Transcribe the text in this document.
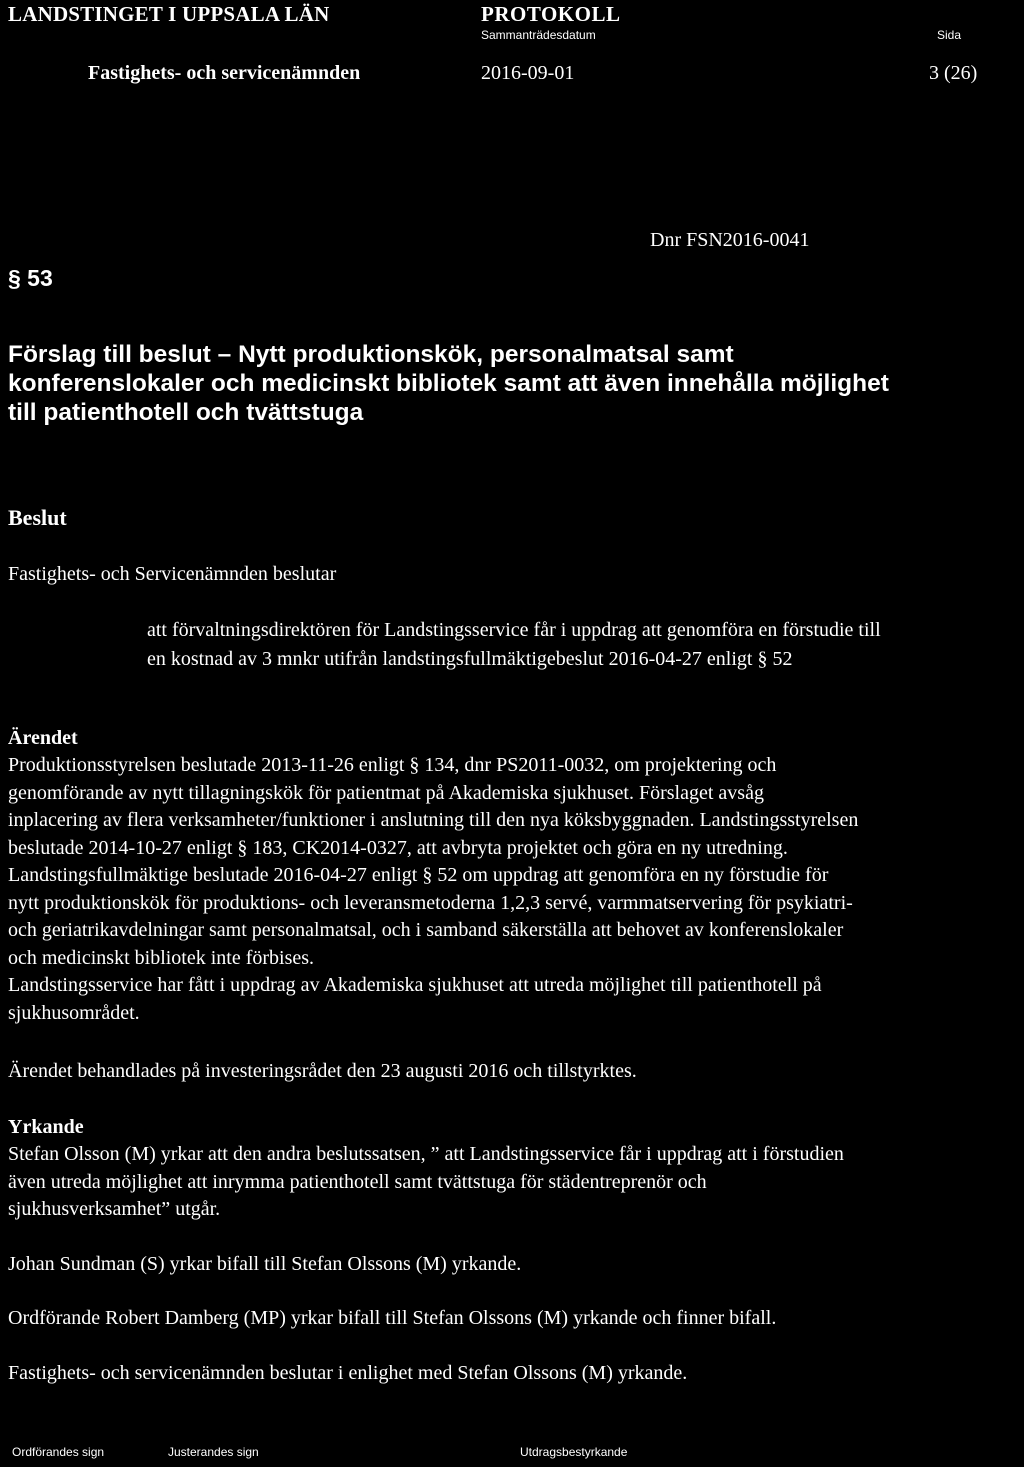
LANDSTINGET I UPPSALA LÄN	PROTOKOLL
Sammanträdesdatum	Sida
Fastighets- och servicenämnden	2016-09-01	3 (26)
Dnr FSN2016-0041
§ 53
Förslag till beslut – Nytt produktionskök, personalmatsal samt
konferenslokaler och medicinskt bibliotek samt att även innehålla möjlighet
till patienthotell och tvättstuga
Beslut
Fastighets- och Servicenämnden beslutar
att förvaltningsdirektören för Landstingsservice får i uppdrag att genomföra en förstudie till
en kostnad av 3 mnkr utifrån landstingsfullmäktigebeslut 2016-04-27 enligt § 52
Ärendet
Produktionsstyrelsen beslutade 2013-11-26 enligt § 134, dnr PS2011-0032, om projektering och
genomförande av nytt tillagningskök för patientmat på Akademiska sjukhuset. Förslaget avsåg
inplacering av flera verksamheter/funktioner i anslutning till den nya köksbyggnaden. Landstingsstyrelsen
beslutade 2014-10-27 enligt § 183, CK2014-0327, att avbryta projektet och göra en ny utredning.
Landstingsfullmäktige beslutade 2016-04-27 enligt § 52 om uppdrag att genomföra en ny förstudie för
nytt produktionskök för produktions- och leveransmetoderna 1,2,3 servé, varmmatservering för psykiatri-
och geriatrikavdelningar samt personalmatsal, och i samband säkerställa att behovet av konferenslokaler
och medicinskt bibliotek inte förbises.
Landstingsservice har fått i uppdrag av Akademiska sjukhuset att utreda möjlighet till patienthotell på
sjukhusområdet.
Ärendet behandlades på investeringsrådet den 23 augusti 2016 och tillstyrktes.
Yrkande
Stefan Olsson (M) yrkar att den andra beslutssatsen, ” att Landstingsservice får i uppdrag att i förstudien
även utreda möjlighet att inrymma patienthotell samt tvättstuga för städentreprenör och
sjukhusverksamhet” utgår.
Johan Sundman (S) yrkar bifall till Stefan Olssons (M) yrkande.
Ordförande Robert Damberg (MP) yrkar bifall till Stefan Olssons (M) yrkande och finner bifall.
Fastighets- och servicenämnden beslutar i enlighet med Stefan Olssons (M) yrkande.
Ordförandes sign	Justerandes sign	Utdragsbestyrkande
